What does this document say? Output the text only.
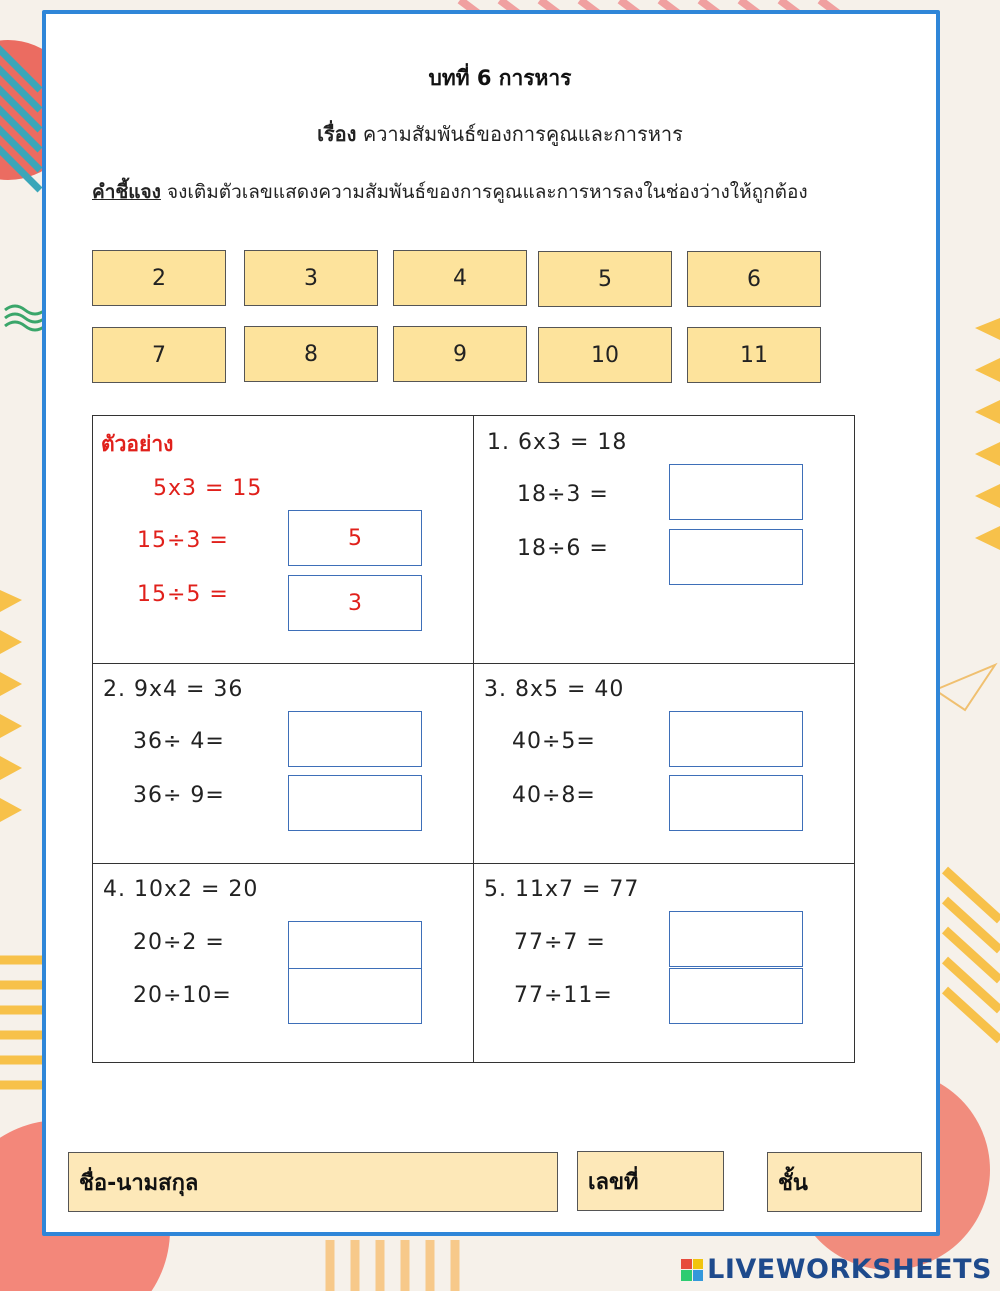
บทที่ 6 การหาร
เรื่อง ความสัมพันธ์ของการคูณและการหาร
คำชี้แจง จงเติมตัวเลขแสดงความสัมพันธ์ของการคูณและการหารลงในช่องว่างให้ถูกต้อง
2	3	4	5	6
7	8	9	10	11
ตัวอย่าง
5x3 = 15
15÷3 =	5
15÷5 =	3
1. 6x3 = 18
18÷3 =
18÷6 =
2. 9x4 = 36
36÷ 4=
36÷ 9=
3. 8x5 = 40
40÷5=
40÷8=
4. 10x2 = 20
20÷2 =
20÷10=
5. 11x7 = 77
77÷7 =
77÷11=
ชื่อ-นามสกุล	เลขที่	ชั้น
LIVEWORKSHEETS
